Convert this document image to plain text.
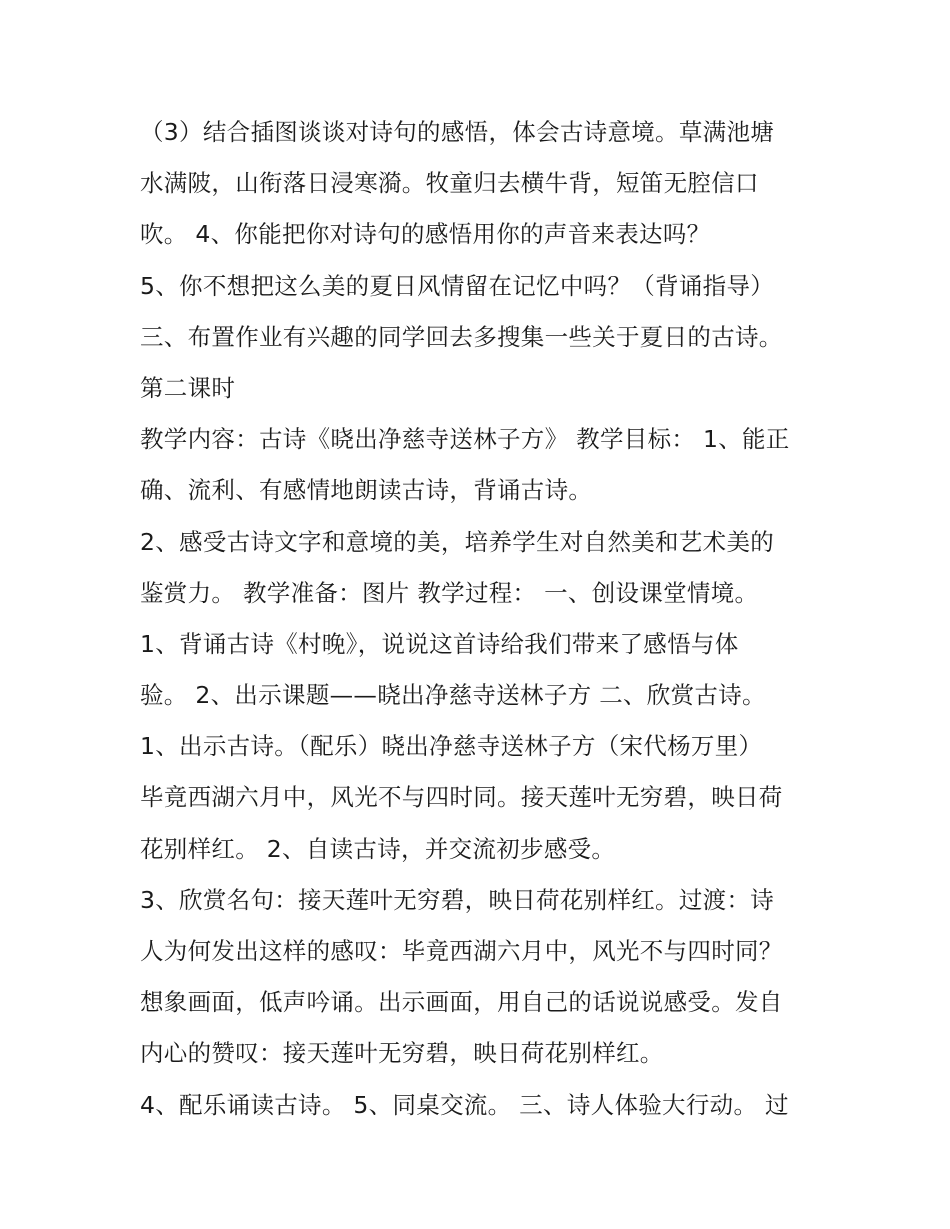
（3）结合插图谈谈对诗句的感悟，体会古诗意境。草满池塘
水满陂，山衔落日浸寒漪。牧童归去横牛背，短笛无腔信口
吹。 4、你能把你对诗句的感悟用你的声音来表达吗？
5、你不想把这么美的夏日风情留在记忆中吗？（背诵指导）
三、布置作业有兴趣的同学回去多搜集一些关于夏日的古诗。
第二课时
教学内容：古诗《晓出净慈寺送林子方》 教学目标： 1、能正
确、流利、有感情地朗读古诗，背诵古诗。
2、感受古诗文字和意境的美，培养学生对自然美和艺术美的
鉴赏力。 教学准备：图片 教学过程： 一、创设课堂情境。
1、背诵古诗《村晚》，说说这首诗给我们带来了感悟与体
验。 2、出示课题——晓出净慈寺送林子方 二、欣赏古诗。
1、出示古诗。（配乐）晓出净慈寺送林子方（宋代杨万里）
毕竟西湖六月中，风光不与四时同。接天莲叶无穷碧，映日荷
花别样红。 2、自读古诗，并交流初步感受。
3、欣赏名句：接天莲叶无穷碧，映日荷花别样红。过渡：诗
人为何发出这样的感叹：毕竟西湖六月中，风光不与四时同？
想象画面，低声吟诵。出示画面，用自己的话说说感受。发自
内心的赞叹：接天莲叶无穷碧，映日荷花别样红。
4、配乐诵读古诗。 5、同桌交流。 三、诗人体验大行动。 过
